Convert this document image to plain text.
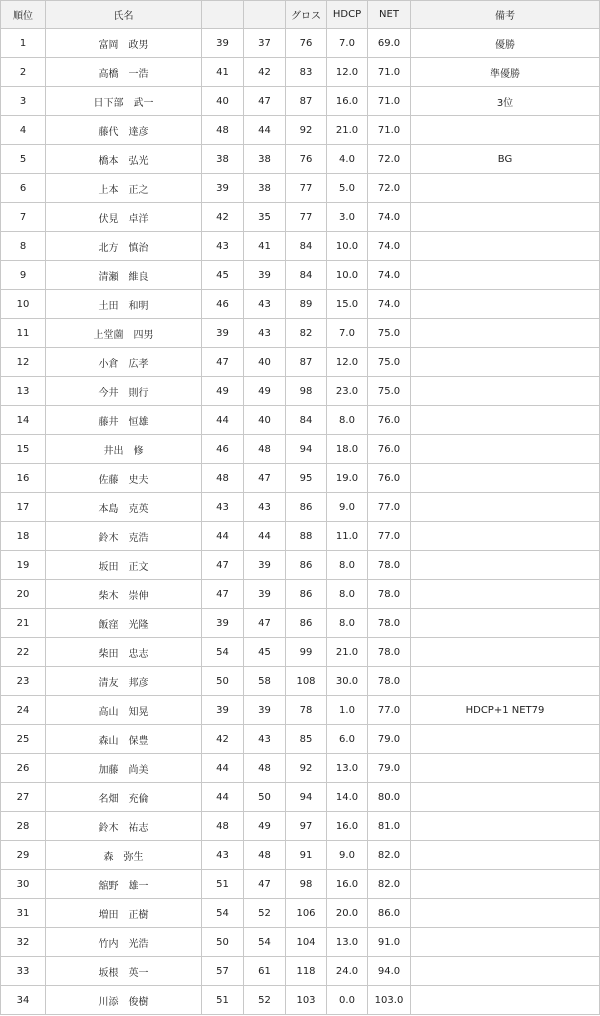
順位	氏名			グロス	HDCP	NET	備考
1	富岡　政男	39	37	76	7.0	69.0	優勝
2	高橋　一浩	41	42	83	12.0	71.0	準優勝
3	日下部　武一	40	47	87	16.0	71.0	3位
4	藤代　達彦	48	44	92	21.0	71.0	
5	橋本　弘光	38	38	76	4.0	72.0	BG
6	上本　正之	39	38	77	5.0	72.0	
7	伏見　卓洋	42	35	77	3.0	74.0	
8	北方　慎治	43	41	84	10.0	74.0	
9	清瀬　維良	45	39	84	10.0	74.0	
10	土田　和明	46	43	89	15.0	74.0	
11	上堂薗　四男	39	43	82	7.0	75.0	
12	小倉　広孝	47	40	87	12.0	75.0	
13	今井　則行	49	49	98	23.0	75.0	
14	藤井　恒雄	44	40	84	8.0	76.0	
15	井出　修	46	48	94	18.0	76.0	
16	佐藤　史夫	48	47	95	19.0	76.0	
17	本島　克英	43	43	86	9.0	77.0	
18	鈴木　克浩	44	44	88	11.0	77.0	
19	坂田　正文	47	39	86	8.0	78.0	
20	柴木　崇伸	47	39	86	8.0	78.0	
21	飯窪　光隆	39	47	86	8.0	78.0	
22	柴田　忠志	54	45	99	21.0	78.0	
23	清友　邦彦	50	58	108	30.0	78.0	
24	高山　知晃	39	39	78	1.0	77.0	HDCP+1 NET79
25	森山　保豊	42	43	85	6.0	79.0	
26	加藤　尚美	44	48	92	13.0	79.0	
27	名畑　充倫	44	50	94	14.0	80.0	
28	鈴木　祐志	48	49	97	16.0	81.0	
29	森　弥生	43	48	91	9.0	82.0	
30	舘野　雄一	51	47	98	16.0	82.0	
31	増田　正樹	54	52	106	20.0	86.0	
32	竹内　光浩	50	54	104	13.0	91.0	
33	坂根　英一	57	61	118	24.0	94.0	
34	川添　俊樹	51	52	103	0.0	103.0	
